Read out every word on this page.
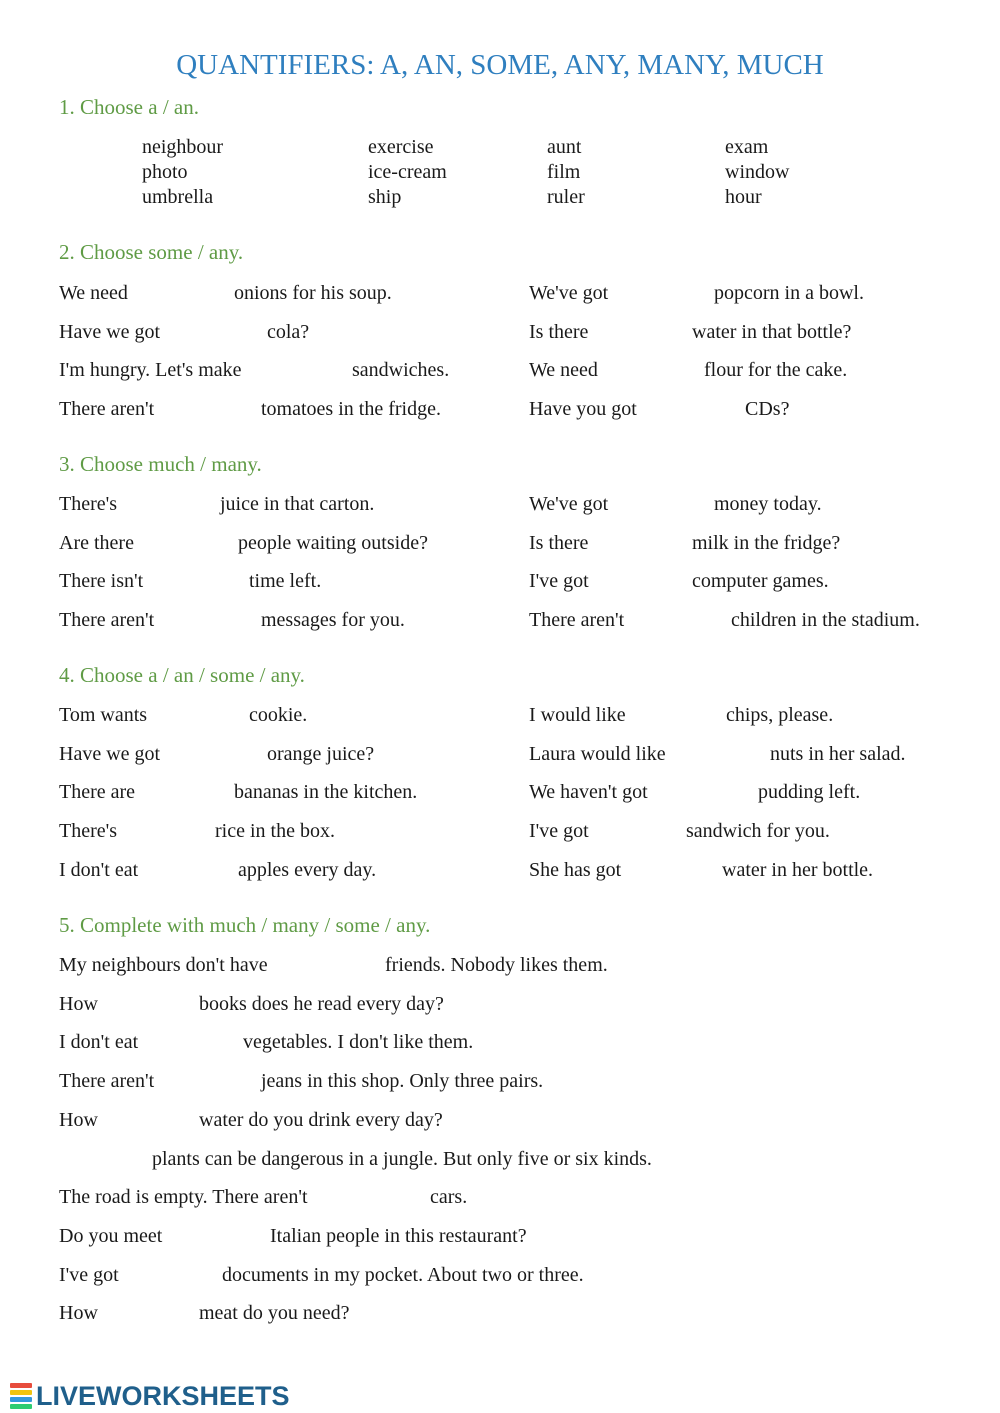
QUANTIFIERS: A, AN, SOME, ANY, MANY, MUCH
1. Choose a / an.
neighbour	exercise	aunt	exam
photo	ice-cream	film	window
umbrella	ship	ruler	hour
2. Choose some / any.
We need	onions for his soup.	We've got	popcorn in a bowl.
Have we got	cola?	Is there	water in that bottle?
I'm hungry. Let's make	sandwiches.	We need	flour for the cake.
There aren't	tomatoes in the fridge.	Have you got	CDs?
3. Choose much / many.
There's	juice in that carton.	We've got	money today.
Are there	people waiting outside?	Is there	milk in the fridge?
There isn't	time left.	I've got	computer games.
There aren't	messages for you.	There aren't	children in the stadium.
4. Choose a / an / some / any.
Tom wants	cookie.	I would like	chips, please.
Have we got	orange juice?	Laura would like	nuts in her salad.
There are	bananas in the kitchen.	We haven't got	pudding left.
There's	rice in the box.	I've got	sandwich for you.
I don't eat	apples every day.	She has got	water in her bottle.
5. Complete with much / many / some / any.
My neighbours don't have	friends. Nobody likes them.
How	books does he read every day?
I don't eat	vegetables. I don't like them.
There aren't	jeans in this shop. Only three pairs.
How	water do you drink every day?
plants can be dangerous in a jungle. But only five or six kinds.
The road is empty. There aren't	cars.
Do you meet	Italian people in this restaurant?
I've got	documents in my pocket. About two or three.
How	meat do you need?
LIVEWORKSHEETS
